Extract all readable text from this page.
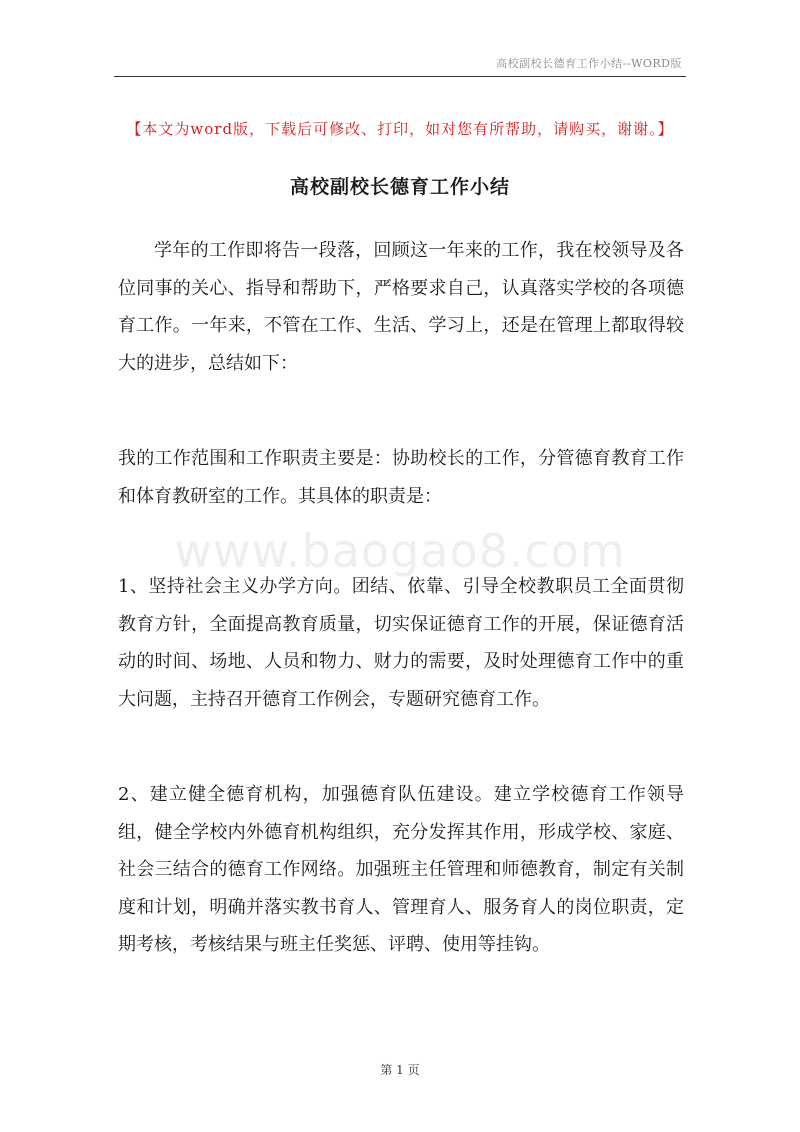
高校副校长德育工作小结--WORD版
【本文为word版，下载后可修改、打印，如对您有所帮助，请购买，谢谢。】
高校副校长德育工作小结

学年的工作即将告一段落，回顾这一年来的工作，我在校领导及各位同事的关心、指导和帮助下，严格要求自己，认真落实学校的各项德育工作。一年来，不管在工作、生活、学习上，还是在管理上都取得较大的进步，总结如下：

我的工作范围和工作职责主要是：协助校长的工作，分管德育教育工作和体育教研室的工作。其具体的职责是：

www.baogao8.com

1、坚持社会主义办学方向。团结、依靠、引导全校教职员工全面贯彻教育方针，全面提高教育质量，切实保证德育工作的开展，保证德育活动的时间、场地、人员和物力、财力的需要，及时处理德育工作中的重大问题，主持召开德育工作例会，专题研究德育工作。

2、建立健全德育机构，加强德育队伍建设。建立学校德育工作领导组，健全学校内外德育机构组织，充分发挥其作用，形成学校、家庭、社会三结合的德育工作网络。加强班主任管理和师德教育，制定有关制度和计划，明确并落实教书育人、管理育人、服务育人的岗位职责，定期考核，考核结果与班主任奖惩、评聘、使用等挂钩。

第 1 页
